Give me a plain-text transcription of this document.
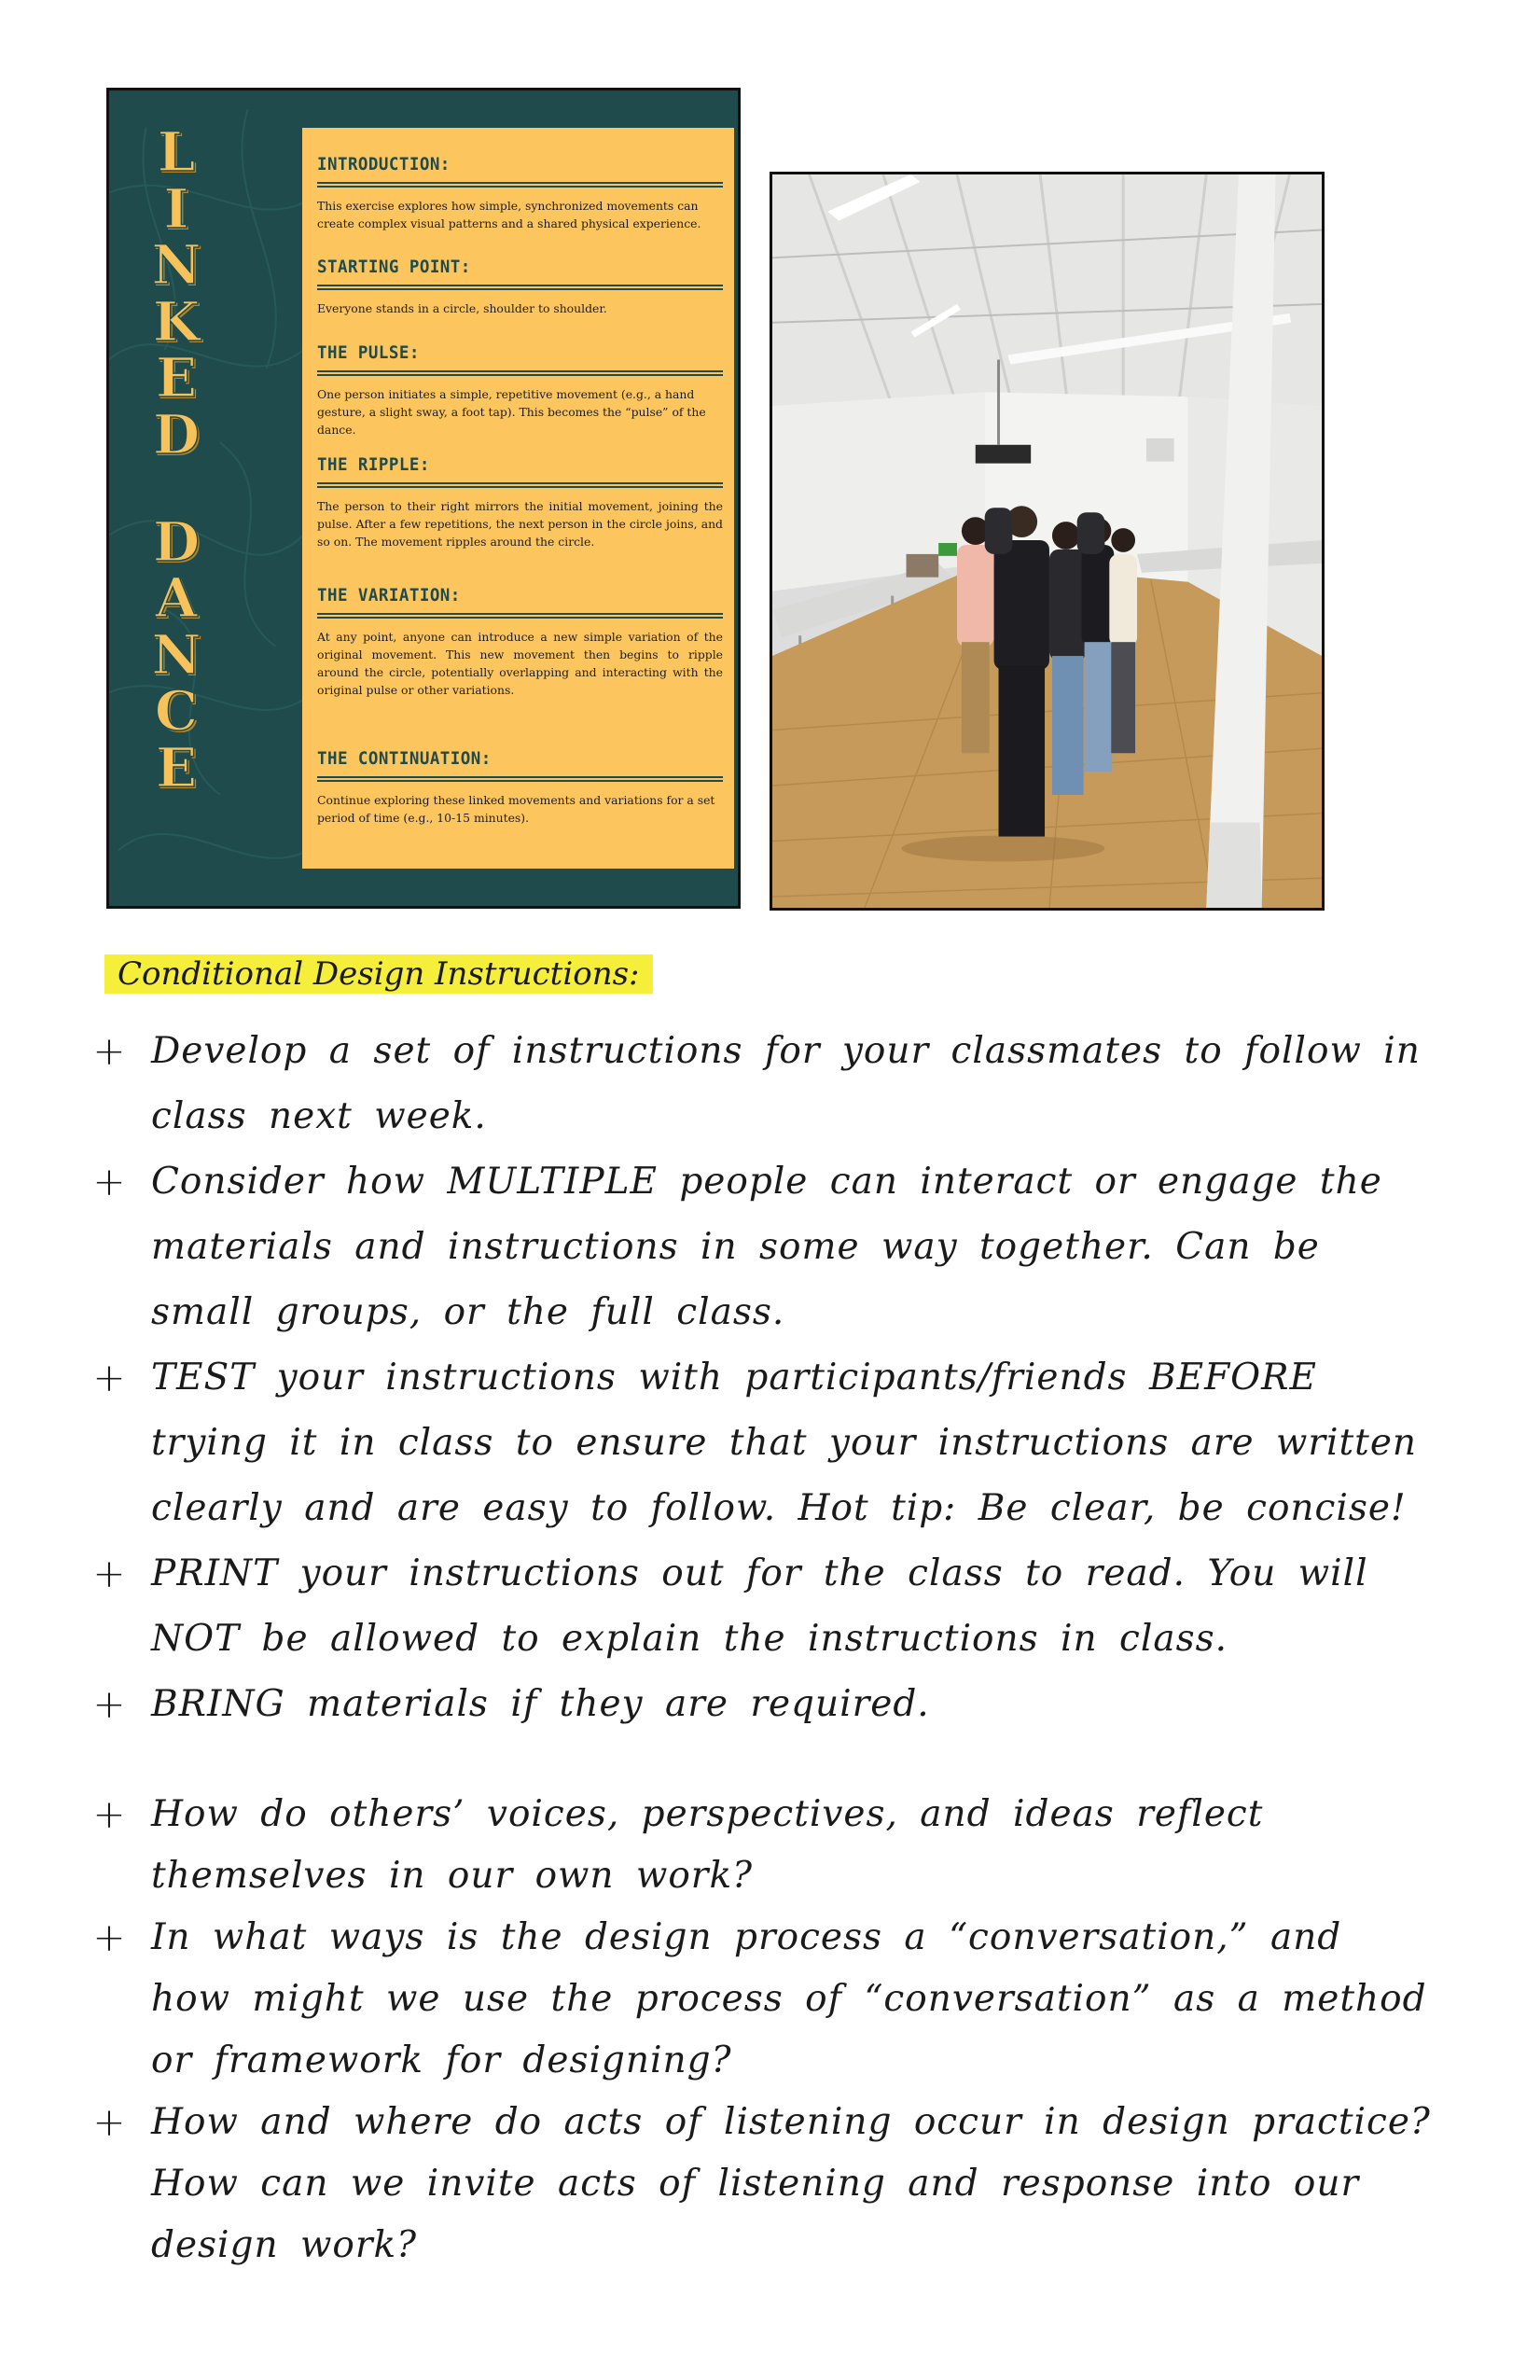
L
I
N
K
E
D
D
A
N
C
E
INTRODUCTION:

This exercise explores how simple, synchronized movements can create complex visual patterns and a shared physical experience.

STARTING POINT:

Everyone stands in a circle, shoulder to shoulder.

THE PULSE:

One person initiates a simple, repetitive movement (e.g., a hand gesture, a slight sway, a foot tap). This becomes the “pulse” of the dance.

THE RIPPLE:

The person to their right mirrors the initial movement, joining the pulse. After a few repetitions, the next person in the circle joins, and so on. The movement ripples around the circle.

THE VARIATION:

At any point, anyone can introduce a new simple variation of the original movement. This new movement then begins to ripple around the circle, potentially overlapping and interacting with the original pulse or other variations.

THE CONTINUATION:

Continue exploring these linked movements and variations for a set period of time (e.g., 10-15 minutes).

Conditional Design Instructions:
+ Develop a set of instructions for your classmates to follow in
class next week.
+ Consider how MULTIPLE people can interact or engage the
materials and instructions in some way together. Can be
small groups, or the full class.
+ TEST your instructions with participants/friends BEFORE
trying it in class to ensure that your instructions are written
clearly and are easy to follow. Hot tip: Be clear, be concise!
+ PRINT your instructions out for the class to read. You will
NOT be allowed to explain the instructions in class.
+ BRING materials if they are required.
+ How do others’ voices, perspectives, and ideas reflect
themselves in our own work?
+ In what ways is the design process a “conversation,” and
how might we use the process of “conversation” as a method
or framework for designing?
+ How and where do acts of listening occur in design practice?
How can we invite acts of listening and response into our
design work?
